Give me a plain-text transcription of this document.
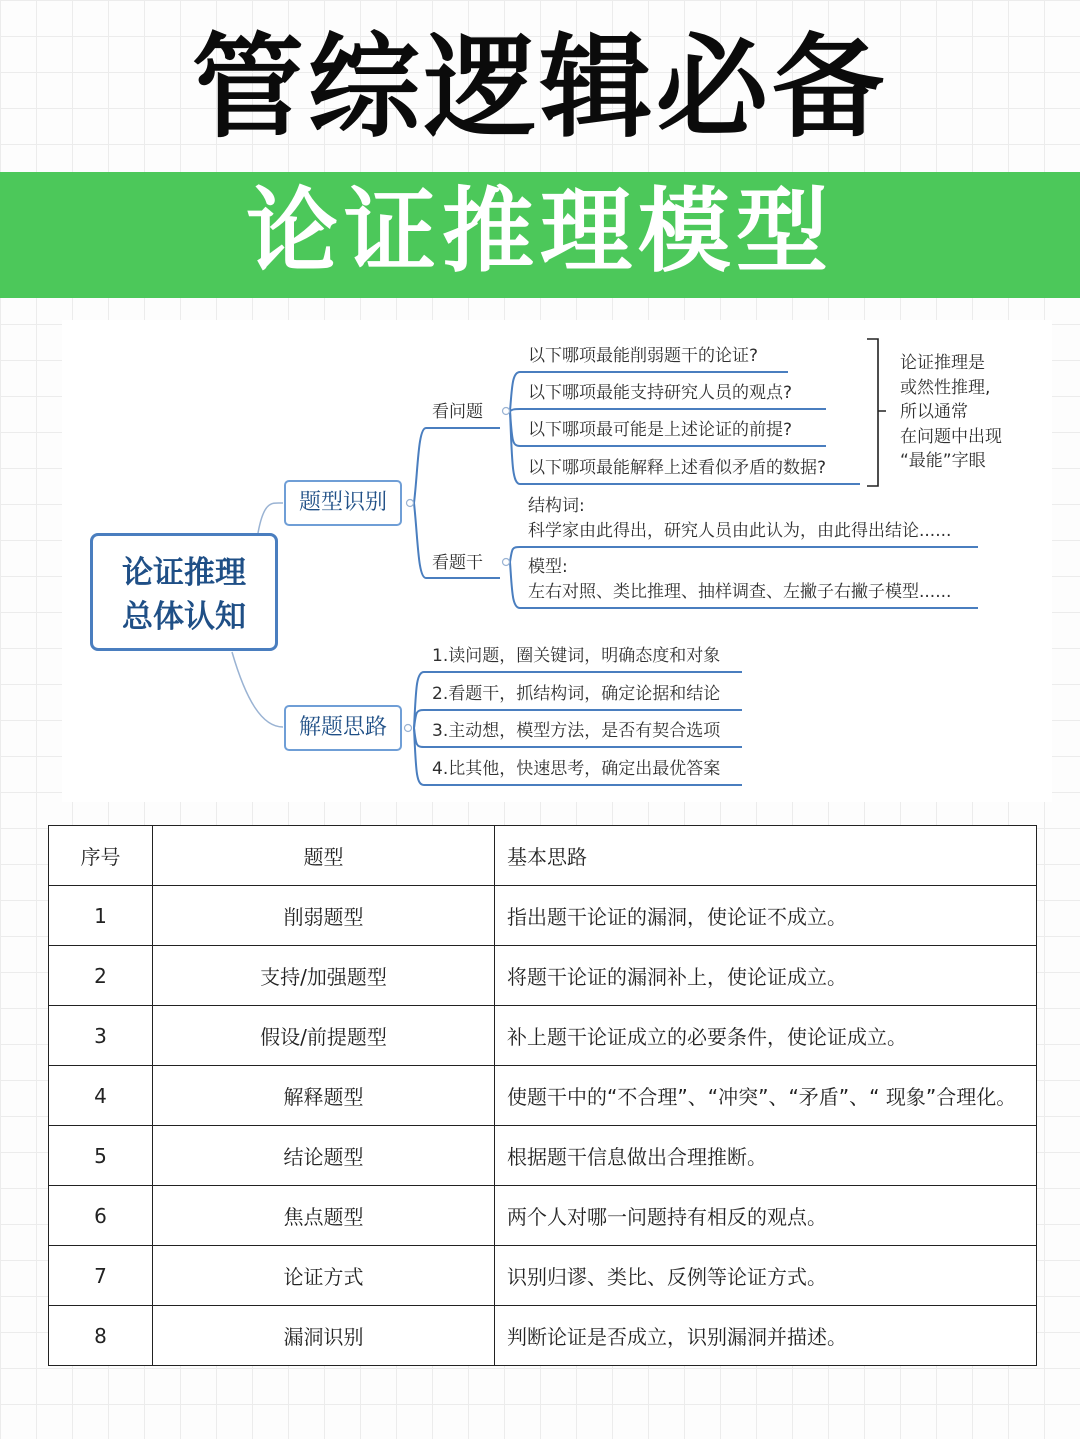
管综逻辑必备
论证推理模型
论证推理
总体认知
题型识别
解题思路
看问题
看题干
以下哪项最能削弱题干的论证?
以下哪项最能支持研究人员的观点?
以下哪项最可能是上述论证的前提?
以下哪项最能解释上述看似矛盾的数据?
结构词:
科学家由此得出，研究人员由此认为，由此得出结论......
模型:
左右对照、类比推理、抽样调查、左撇子右撇子模型......
1.读问题，圈关键词，明确态度和对象
2.看题干，抓结构词，确定论据和结论
3.主动想，模型方法，是否有契合选项
4.比其他，快速思考，确定出最优答案
论证推理是
或然性推理,
所以通常
在问题中出现
“最能”字眼
序号	题型	基本思路
1	削弱题型	指出题干论证的漏洞，使论证不成立。
2	支持/加强题型	将题干论证的漏洞补上，使论证成立。
3	假设/前提题型	补上题干论证成立的必要条件，使论证成立。
4	解释题型	使题干中的“不合理”、“冲突”、“矛盾”、“ 现象”合理化。
5	结论题型	根据题干信息做出合理推断。
6	焦点题型	两个人对哪一问题持有相反的观点。
7	论证方式	识别归谬、类比、反例等论证方式。
8	漏洞识别	判断论证是否成立，识别漏洞并描述。
